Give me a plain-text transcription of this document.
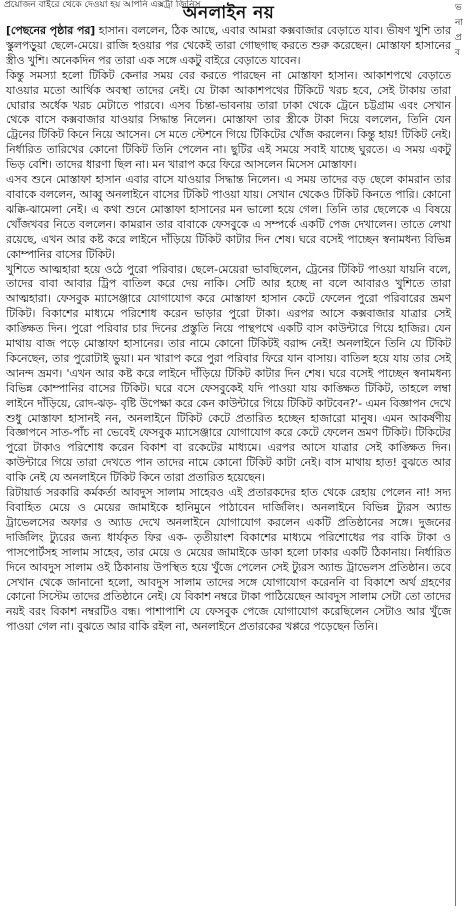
প্রয়োজন বাইরে থেকে দেওয়া হয় আপনি এক্সট্রা জিনিস	ভ
না
প্র
ব
অনলাইন নয়

[পেছনের পৃষ্ঠার পর] হাসান। বললেন, ঠিক আছে, এবার আমরা কক্সবাজার বেড়াতে যাব। ভীষণ খুশি তার স্কুলপড়ুয়া ছেলে-মেয়ে। রাজি হওয়ার পর থেকেই তারা গোছগাছ করতে শুরু করেছেন। মোস্তাফা হাসানের স্ত্রীও খুশি। অনেকদিন পর তারা এক সঙ্গে একটু বাইরে বেড়াতে যাবেন।

কিন্তু সমস্যা হলো টিকিট কেনার সময় বের করতে পারছেন না মোস্তাফা হাসান। আকাশপথে বেড়াতে যাওয়ার মতো আর্থিক অবস্থা তাদের নেই। যে টাকা আকাশপথের টিকিটে খরচ হবে, সেই টাকায় তারা ঘোরার অর্ধেক খরচ মেটাতে পারবে। এসব চিন্তা-ভাবনায় তারা ঢাকা থেকে ট্রেনে চট্টগ্রাম এবং সেখান থেকে বাসে কক্সবাজার যাওয়ার সিদ্ধান্ত নিলেন। মোস্তাফা তার স্ত্রীকে টাকা দিয়ে বললেন, তিনি যেন ট্রেনের টিকিট কিনে নিয়ে আসেন। সে মতে স্টেশনে গিয়ে টিকিটের খোঁজ করলেন। কিন্তু হায়! টিকিট নেই। নির্ধারিত তারিখের কোনো টিকিট তিনি পেলেন না। ছুটির এই সময়ে সবাই যাচ্ছে ঘুরতে। এ সময় একটু ভিড় বেশি। তাদের ধারণা ছিল না। মন খারাপ করে ফিরে আসলেন মিসেস মোস্তাফা।

এসব শুনে মোস্তাফা হাসান এবার বাসে যাওয়ার সিদ্ধান্ত নিলেন। এ সময় তাদের বড় ছেলে কামরান তার বাবাকে বললেন, আব্বু অনলাইনে বাসের টিকিট পাওয়া যায়। সেখান থেকেও টিকিট কিনতে পারি। কোনো ঝক্কি-ঝামেলা নেই। এ কথা শুনে মোস্তাফা হাসানের মন ভালো হয়ে গেল। তিনি তার ছেলেকে এ বিষয়ে খোঁজখবর নিতে বললেন। কামরান তার বাবাকে ফেসবুকে এ সম্পর্কে একটি পেজ দেখালেন। তাতে লেখা রয়েছে, এখন আর কষ্ট করে লাইনে দাঁড়িয়ে টিকিট কাটার দিন শেষ। ঘরে বসেই পাচ্ছেন স্বনামধন্য বিভিন্ন কোম্পানির বাসের টিকিট।

খুশিতে আত্মহারা হয়ে ওঠে পুরো পরিবার। ছেলে-মেয়েরা ভাবছিলেন, ট্রেনের টিকিট পাওয়া যায়নি বলে, তাদের বাবা আবার ট্রিপ বাতিল করে দেয় নাকি। সেটি আর হচ্ছে না বলে আবারও খুশিতে তারা আত্মহারা। ফেসবুক ম্যাসেঞ্জারে যোগাযোগ করে মোস্তাফা হাসান কেটে ফেলেন পুরো পরিবারের ভ্রমণ টিকিট। বিকাশের মাধ্যমে পরিশোধ করেন ভাড়ার পুরো টাকা। এরপর আসে কক্সবাজার যাত্রার সেই কাঙ্ক্ষিত দিন। পুরো পরিবার চার দিনের প্রস্তুতি নিয়ে পান্থপথে একটি বাস কাউন্টারে গিয়ে হাজির। যেন মাথায় বাজ পড়ে মোস্তাফা হাসানের। তার নামে কোনো টিকিটই বরাদ্দ নেই! অনলাইনে তিনি যে টিকিট কিনেছেন, তার পুরোটাই ভুয়া। মন খারাপ করে পুরা পরিবার ফিরে যান বাসায়। বাতিল হয়ে যায় তার সেই আনন্দ ভ্রমণ। 'এখন আর কষ্ট করে লাইনে দাঁড়িয়ে টিকিট কাটার দিন শেষ। ঘরে বসেই পাচ্ছেন স্বনামধন্য বিভিন্ন কোম্পানির বাসের টিকিট। ঘরে বসে ফেসবুকেই যদি পাওয়া যায় কাঙ্ক্ষিত টিকিট, তাহলে লম্বা লাইনে দাঁড়িয়ে, রোদ-ঝড়- বৃষ্টি উপেক্ষা করে কেন কাউন্টারে গিয়ে টিকিট কাটবেন?'- এমন বিজ্ঞাপন দেখে শুধু মোস্তাফা হাসানই নন, অনলাইনে টিকিট কেটে প্রতারিত হচ্ছেন হাজারো মানুষ। এমন আকর্ষণীয় বিজ্ঞাপনে সাত-পাঁচ না ভেবেই ফেসবুক ম্যাসেঞ্জারে যোগাযোগ করে কেটে ফেলেন ভ্রমণ টিকিট। টিকিটের পুরো টাকাও পরিশোধ করেন বিকাশ বা রকেটের মাধ্যমে। এরপর আসে যাত্রার সেই কাঙ্ক্ষিত দিন। কাউন্টারে গিয়ে তারা দেখতে পান তাদের নামে কোনো টিকিট কাটা নেই। বাস মাথায় হাত! বুঝতে আর বাকি নেই যে অনলাইনে টিকিট কিনে তারা প্রতারিত হয়েছেন।

রিটায়ার্ড সরকারি কর্মকর্তা আবদুস সালাম সাহেবও এই প্রতারকদের হাত থেকে রেহায় পেলেন না! সদ্য বিবাহিত মেয়ে ও মেয়ের জামাইকে হানিমুনে পাঠাবেন দার্জিলিং। অনলাইনে বিভিন্ন ট্যুরস অ্যান্ড ট্রাভেলসের অফার ও অ্যাড দেখে অনলাইনে যোগাযোগ করলেন একটি প্রতিষ্ঠানের সঙ্গে। দুজনের দার্জিলিং ট্যুরের জন্য ধার্যকৃত ফির এক- তৃতীয়াংশ বিকাশের মাধ্যমে পরিশোধের পর বাকি টাকা ও পাসপোর্টসহ সালাম সাহেব, তার মেয়ে ও মেয়ের জামাইকে ডাকা হলো ঢাকার একটি ঠিকানায়। নির্ধারিত দিনে আবদুস সালাম ওই ঠিকানায় উপস্থিত হয়ে খুঁজে পেলেন সেই ট্যুরস অ্যান্ড ট্রাভেলস প্রতিষ্ঠান। তবে সেখান থেকে জানানো হলো, আবদুস সালাম তাদের সঙ্গে যোগাযোগ করেননি বা বিকাশে অর্থ গ্রহণের কোনো সিস্টেম তাদের প্রতিষ্ঠানে নেই। যে বিকাশ নম্বরে টাকা পাঠিয়েছেন আবদুস সালাম সেটা তো তাদের নয়ই বরং বিকাশ নম্বরটিও বন্ধ। পাশাপাশি যে ফেসবুক পেজে যোগাযোগ করেছিলেন সেটাও আর খুঁজে পাওয়া গেল না। বুঝতে আর বাকি রইল না, অনলাইনে প্রতারকের খপ্পরে পড়েছেন তিনি।
